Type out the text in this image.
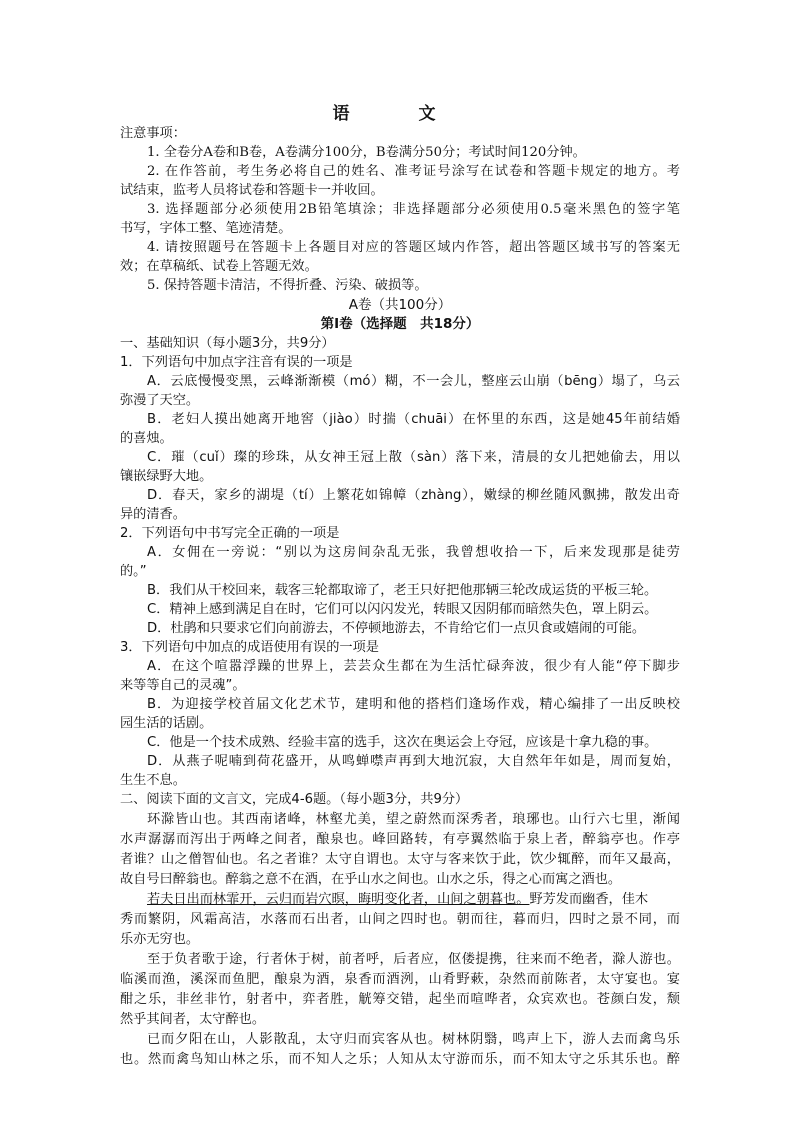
语　文
注意事项：
1. 全卷分A卷和B卷，A卷满分100分，B卷满分50分；考试时间120分钟。
2. 在作答前，考生务必将自己的姓名、准考证号涂写在试卷和答题卡规定的地方。考
试结束，监考人员将试卷和答题卡一并收回。
3. 选择题部分必须使用2B铅笔填涂；非选择题部分必须使用0.5毫米黑色的签字笔
书写，字体工整、笔迹清楚。
4. 请按照题号在答题卡上各题目对应的答题区域内作答，超出答题区域书写的答案无
效；在草稿纸、试卷上答题无效。
5. 保持答题卡清洁，不得折叠、污染、破损等。
A卷（共100分）
第Ⅰ卷（选择题　共18分）
一、基础知识（每小题3分，共9分）
1．下列语句中加点字注音有误的一项是
A．云底慢慢变黑，云峰渐渐模（mó）糊，不一会儿，整座云山崩（bēng）塌了，乌云
弥漫了天空。
B．老妇人摸出她离开地窖（jiào）时揣（chuāi）在怀里的东西，这是她45年前结婚
的喜烛。
C．璀（cuǐ）璨的珍珠，从女神王冠上散（sàn）落下来，清晨的女儿把她偷去，用以
镶嵌绿野大地。
D．春天，家乡的湖堤（tí）上繁花如锦幛（zhàng），嫩绿的柳丝随风飘拂，散发出奇
异的清香。
2．下列语句中书写完全正确的一项是
A．女佣在一旁说：“别以为这房间杂乱无张，我曾想收拾一下，后来发现那是徒劳
的。”
B．我们从干校回来，载客三轮都取谛了，老王只好把他那辆三轮改成运货的平板三轮。
C．精神上感到满足自在时，它们可以闪闪发光，转眼又因阴郁而暗然失色，罩上阴云。
D．杜鹃和只要求它们向前游去，不停顿地游去，不肯给它们一点贝食或嬉闹的可能。
3．下列语句中加点的成语使用有误的一项是
A．在这个喧嚣浮躁的世界上，芸芸众生都在为生活忙碌奔波，很少有人能“停下脚步
来等等自己的灵魂”。
B．为迎接学校首届文化艺术节，建明和他的搭档们逢场作戏，精心编排了一出反映校
园生活的话剧。
C．他是一个技术成熟、经验丰富的选手，这次在奥运会上夺冠，应该是十拿九稳的事。
D．从燕子呢喃到荷花盛开，从鸣蝉噤声再到大地沉寂，大自然年年如是，周而复始，
生生不息。
二、阅读下面的文言文，完成4-6题。（每小题3分，共9分）
环滁皆山也。其西南诸峰，林壑尤美，望之蔚然而深秀者，琅琊也。山行六七里，渐闻
水声潺潺而泻出于两峰之间者，酿泉也。峰回路转，有亭翼然临于泉上者，醉翁亭也。作亭
者谁？山之僧智仙也。名之者谁？太守自谓也。太守与客来饮于此，饮少辄醉，而年又最高，
故自号曰醉翁也。醉翁之意不在酒，在乎山水之间也。山水之乐，得之心而寓之酒也。
若夫日出而林霏开，云归而岩穴暝，晦明变化者，山间之朝暮也。野芳发而幽香，佳木
秀而繁阴，风霜高洁，水落而石出者，山间之四时也。朝而往，暮而归，四时之景不同，而
乐亦无穷也。
至于负者歌于途，行者休于树，前者呼，后者应，伛偻提携，往来而不绝者，滁人游也。
临溪而渔，溪深而鱼肥，酿泉为酒，泉香而酒洌，山肴野蔌，杂然而前陈者，太守宴也。宴
酣之乐，非丝非竹，射者中，弈者胜，觥筹交错，起坐而喧哗者，众宾欢也。苍颜白发，颓
然乎其间者，太守醉也。
已而夕阳在山，人影散乱，太守归而宾客从也。树林阴翳，鸣声上下，游人去而禽鸟乐
也。然而禽鸟知山林之乐，而不知人之乐；人知从太守游而乐，而不知太守之乐其乐也。醉
